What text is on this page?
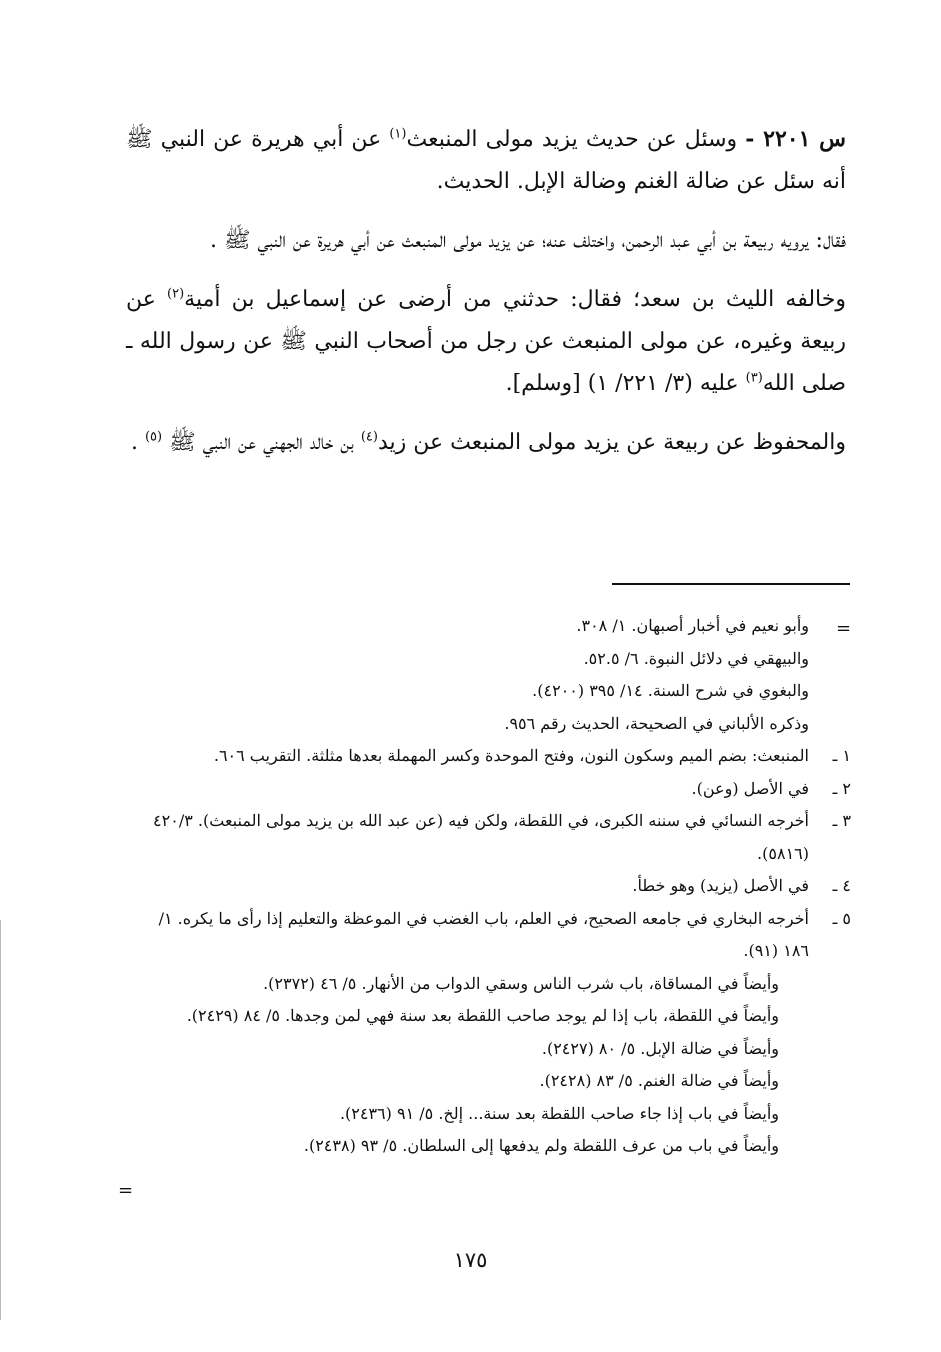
س ٢٢٠١ - وسئل عن حديث يزيد مولى المنبعث$^{(١)}$ عن أبي هريرة عن النبي ﷺ أنه سئل عن ضالة الغنم وضالة الإبل. الحديث.

فقال: يرويه ربيعة بن أبي عبد الرحمن، واختلف عنه؛ عن يزيد مولى المنبعث عن أبي هريرة عن النبي ﷺ .

وخالفه الليث بن سعد؛ فقال: حدثني من أرضى عن إسماعيل بن أمية$^{(٢)}$ عن ربيعة وغيره، عن مولى المنبعث عن رجل من أصحاب النبي ﷺ عن رسول الله ـ صلى الله$^{(٣)}$ عليه (٣/ ٢٢١/ ١) [وسلم].

والمحفوظ عن ربيعة عن يزيد مولى المنبعث عن زيد$^{(٤)}$ بن خالد الجهني عن النبي ﷺ $^{(٥)}$ .

وأبو نعيم في أخبار أصبهان. ١/ ٣٠٨.
والبيهقي في دلائل النبوة. ٦/ ٥٢.٥.
والبغوي في شرح السنة. ١٤/ ٣٩٥ (٤٢٠٠).
وذكره الألباني في الصحيحة، الحديث رقم ٩٥٦.
١ ـ
المنبعث: بضم الميم وسكون النون، وفتح الموحدة وكسر المهملة بعدها مثلثة. التقريب ٦٠٦.
٢ ـ
في الأصل (وعن).
٣ ـ
أخرجه النسائي في سننه الكبرى، في اللقطة، ولكن فيه (عن عبد الله بن يزيد مولى المنبعث). ٤٢٠/٣ (٥٨١٦).
٤ ـ
في الأصل (يزيد) وهو خطأ.
٥ ـ
أخرجه البخاري في جامعه الصحيح، في العلم، باب الغضب في الموعظة والتعليم إذا رأى ما يكره. ١/ ١٨٦ (٩١).
وأيضاً في المساقاة، باب شرب الناس وسقي الدواب من الأنهار. ٥/ ٤٦ (٢٣٧٢).
وأيضاً في اللقطة، باب إذا لم يوجد صاحب اللقطة بعد سنة فهي لمن وجدها. ٥/ ٨٤ (٢٤٢٩).
وأيضاً في ضالة الإبل. ٥/ ٨٠ (٢٤٢٧).
وأيضاً في ضالة الغنم. ٥/ ٨٣ (٢٤٢٨).
وأيضاً في باب إذا جاء صاحب اللقطة بعد سنة... إلخ. ٥/ ٩١ (٢٤٣٦).
وأيضاً في باب من عرف اللقطة ولم يدفعها إلى السلطان. ٥/ ٩٣ (٢٤٣٨).
=
=
١٧٥
